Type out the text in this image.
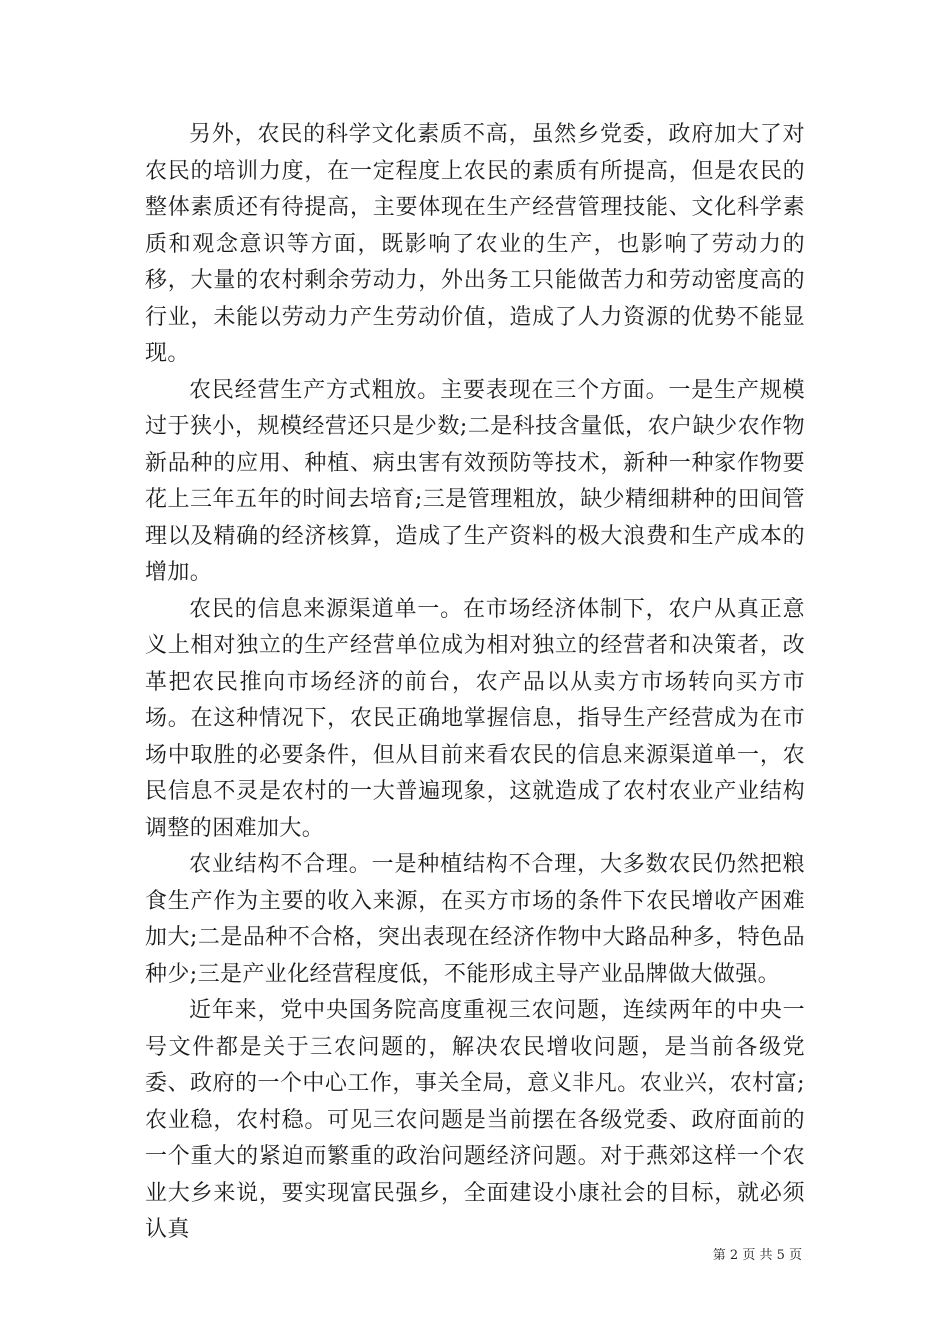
另外，农民的科学文化素质不高，虽然乡党委，政府加大了对农民的培训力度，在一定程度上农民的素质有所提高，但是农民的整体素质还有待提高，主要体现在生产经营管理技能、文化科学素质和观念意识等方面，既影响了农业的生产，也影响了劳动力的移，大量的农村剩余劳动力，外出务工只能做苦力和劳动密度高的行业，未能以劳动力产生劳动价值，造成了人力资源的优势不能显现。

农民经营生产方式粗放。主要表现在三个方面。一是生产规模过于狭小，规模经营还只是少数;二是科技含量低，农户缺少农作物新品种的应用、种植、病虫害有效预防等技术，新种一种家作物要花上三年五年的时间去培育;三是管理粗放，缺少精细耕种的田间管理以及精确的经济核算，造成了生产资料的极大浪费和生产成本的增加。

农民的信息来源渠道单一。在市场经济体制下，农户从真正意义上相对独立的生产经营单位成为相对独立的经营者和决策者，改革把农民推向市场经济的前台，农产品以从卖方市场转向买方市场。在这种情况下，农民正确地掌握信息，指导生产经营成为在市场中取胜的必要条件，但从目前来看农民的信息来源渠道单一，农民信息不灵是农村的一大普遍现象，这就造成了农村农业产业结构调整的困难加大。

农业结构不合理。一是种植结构不合理，大多数农民仍然把粮食生产作为主要的收入来源，在买方市场的条件下农民增收产困难加大;二是品种不合格，突出表现在经济作物中大路品种多，特色品种少;三是产业化经营程度低，不能形成主导产业品牌做大做强。

近年来，党中央国务院高度重视三农问题，连续两年的中央一号文件都是关于三农问题的，解决农民增收问题，是当前各级党委、政府的一个中心工作，事关全局，意义非凡。农业兴，农村富;农业稳，农村稳。可见三农问题是当前摆在各级党委、政府面前的一个重大的紧迫而繁重的政治问题经济问题。对于燕郊这样一个农业大乡来说，要实现富民强乡，全面建设小康社会的目标，就必须认真

第 2 页 共 5 页
